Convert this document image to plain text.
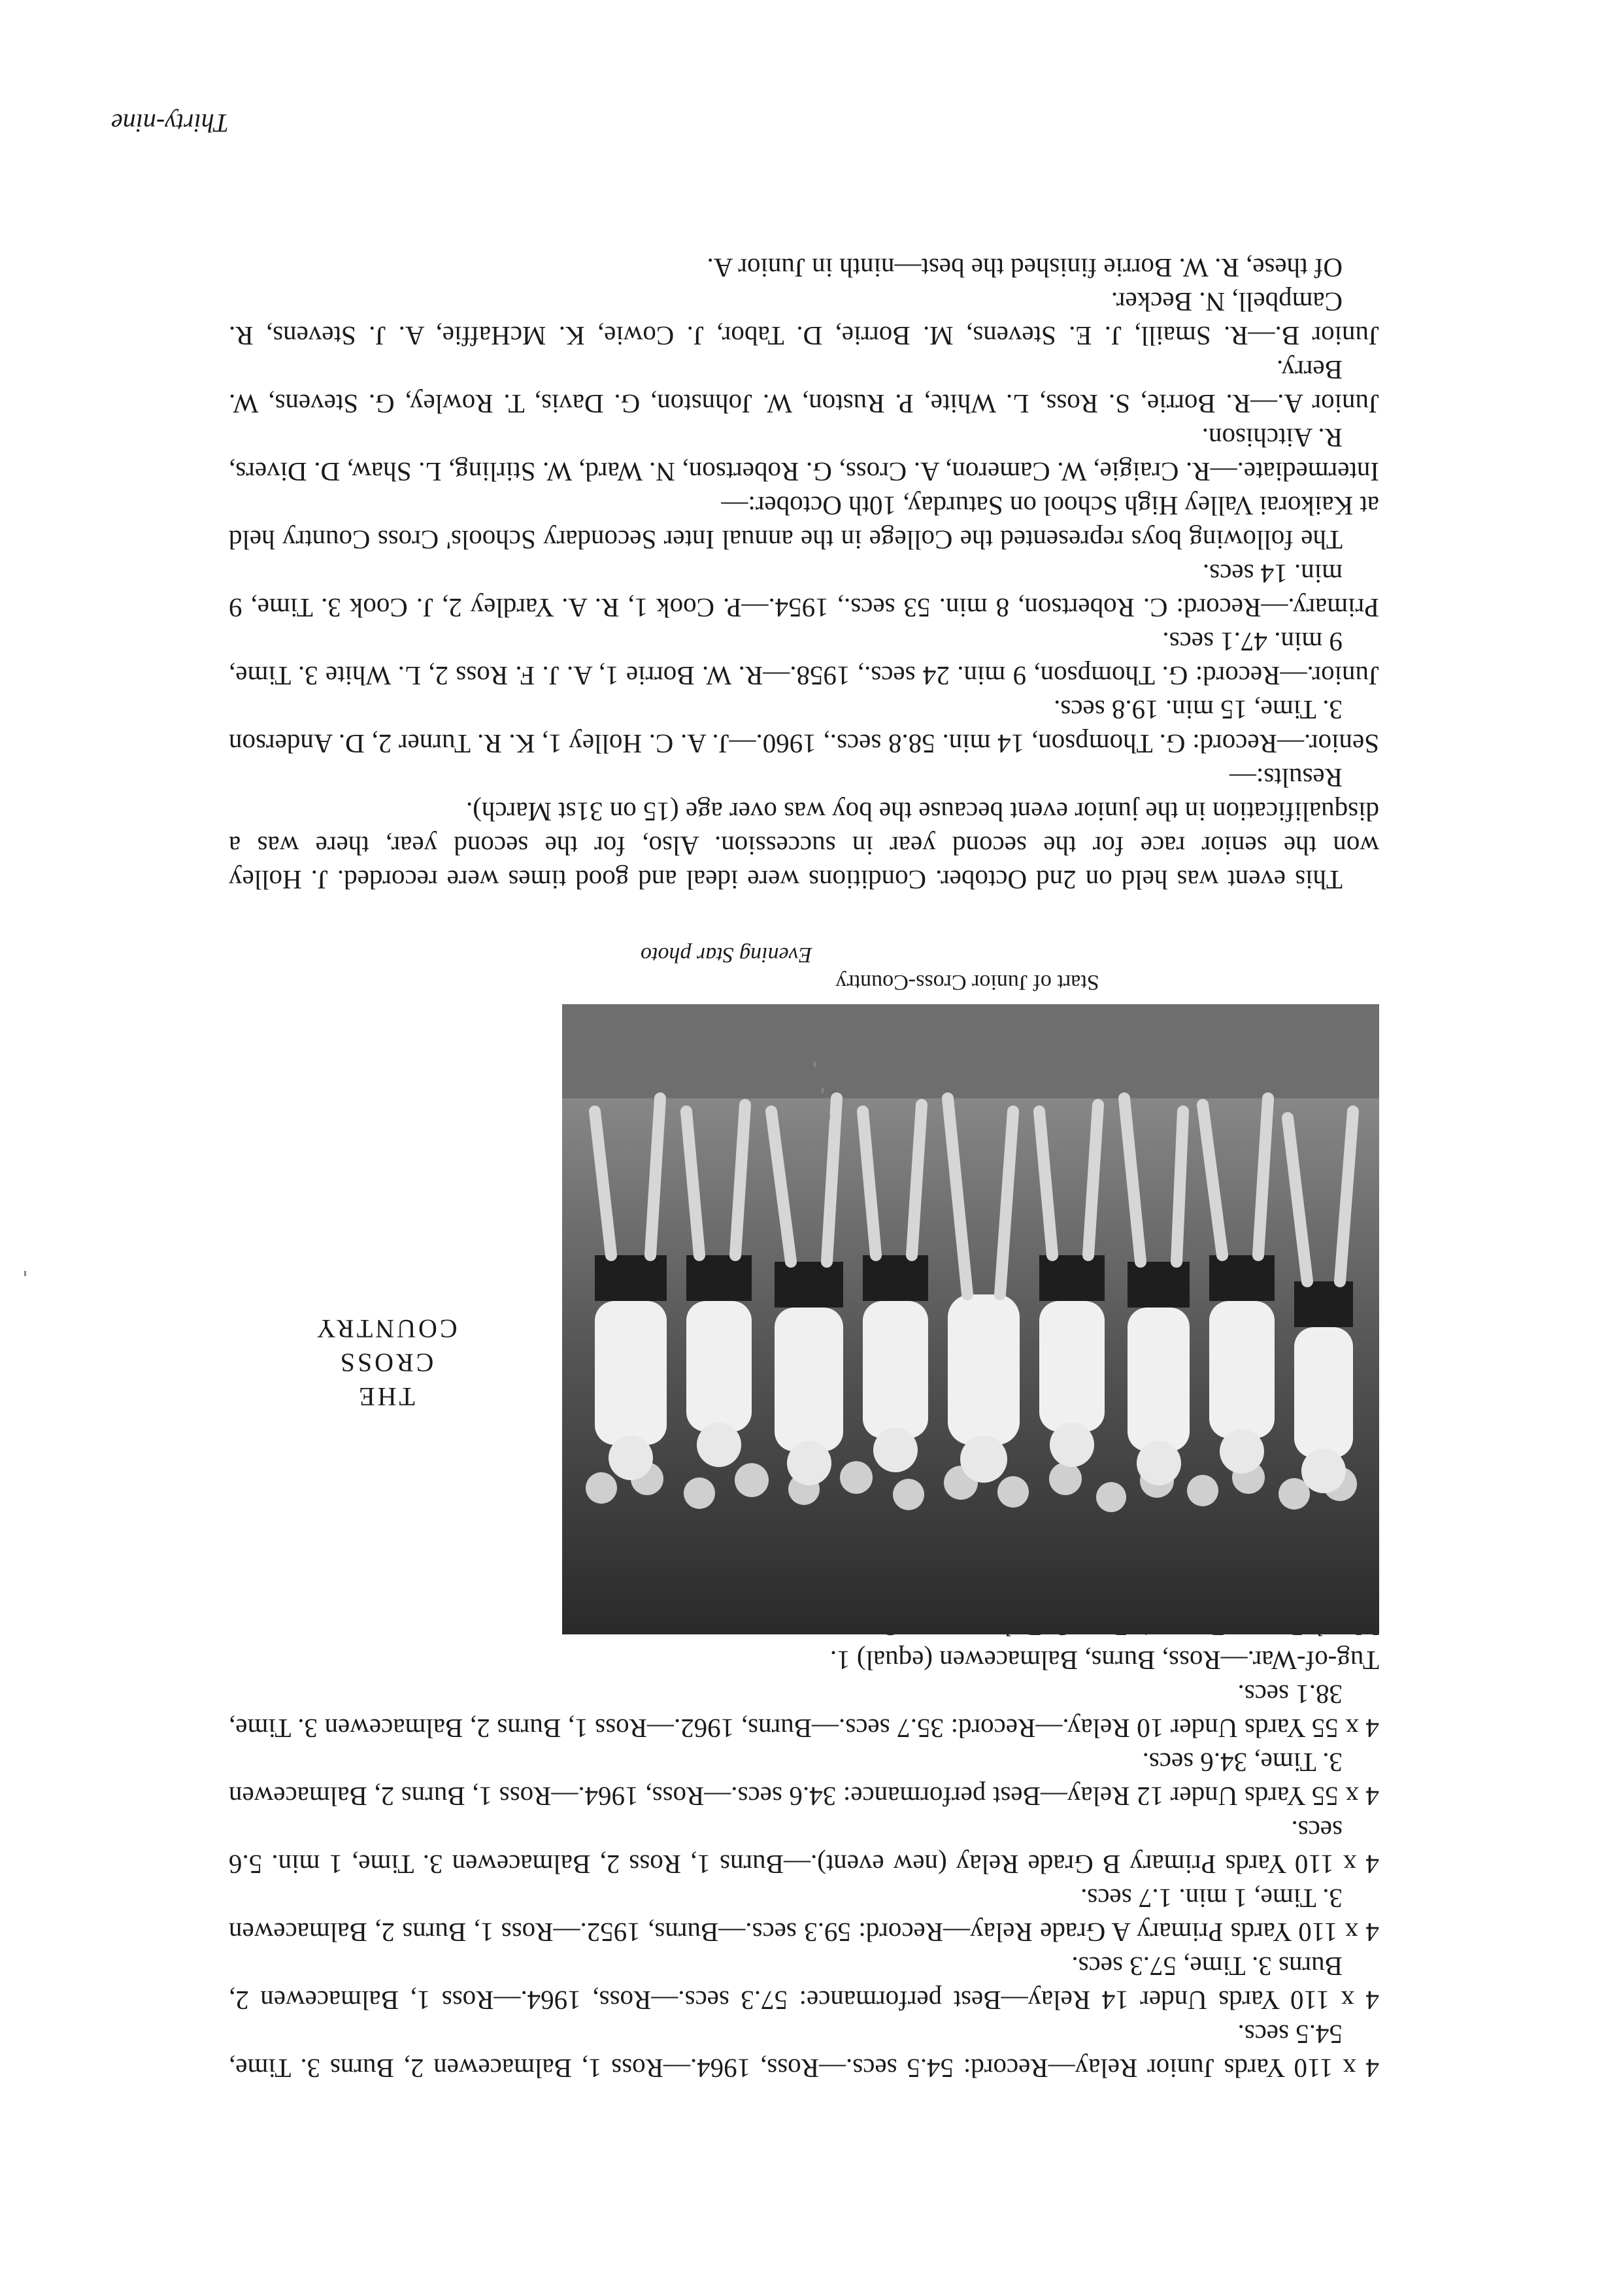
4 x 110 Yards Junior Relay—Record: 54.5 secs.—Ross, 1964.—Ross 1, Balmacewen 2, Burns 3. Time, 54.5 secs.

4 x 110 Yards Under 14 Relay—Best performance: 57.3 secs.—Ross, 1964.—Ross 1, Balmacewen 2, Burns 3. Time, 57.3 secs.

4 x 110 Yards Primary A Grade Relay—Record: 59.3 secs.—Burns, 1952.—Ross 1, Burns 2, Balmacewen 3. Time, 1 min. 1.7 secs.

4 x 110 Yards Primary B Grade Relay (new event).—Burns 1, Ross 2, Balmacewen 3. Time, 1 min. 5.6 secs.

4 x 55 Yards Under 12 Relay—Best performance: 34.6 secs.—Ross, 1964.—Ross 1, Burns 2, Balmacewen 3. Time, 34.6 secs.

4 x 55 Yards Under 10 Relay.—Record: 35.7 secs.—Burns, 1962.—Ross 1, Burns 2, Balmacewen 3. Time, 38.1 secs.

Tug-of-War.—Ross, Burns, Balmacewen (equal) 1.

THE
CROSS
COUNTRY
Start of Junior Cross-Country
Evening Star photo

This event was held on 2nd October. Conditions were ideal and good times were recorded. J. Holley won the senior race for the second year in succession. Also, for the second year, there was a disqualification in the junior event because the boy was over age (15 on 31st March).

Results:—

Senior.—Record: G. Thompson, 14 min. 58.8 secs., 1960.—J. A. C. Holley 1, K. R. Turner 2, D. Anderson 3. Time, 15 min. 19.8 secs.

Junior.—Record: G. Thompson, 9 min. 24 secs., 1958.—R. W. Borrie 1, A. J. F. Ross 2, L. White 3. Time, 9 min. 47.1 secs.

Primary.—Record: C. Robertson, 8 min. 53 secs., 1954.—P. Cook 1, R. A. Yardley 2, J. Cook 3. Time, 9 min. 14 secs.

The following boys represented the College in the annual Inter Secondary Schools' Cross Country held at Kaikorai Valley High School on Saturday, 10th October:—

Intermediate.—R. Craigie, W. Cameron, A. Cross, G. Robertson, N. Ward, W. Stirling, L. Shaw, D. Divers, R. Aitchison.

Junior A.—R. Borrie, S. Ross, L. White, P. Ruston, W. Johnston, G. Davis, T. Rowley, G. Stevens, W. Berry.

Junior B.—R. Smaill, J. E. Stevens, M. Borrie, D. Tabor, J. Cowie, K. McHaffie, A. J. Stevens, R. Campbell, N. Becker.

Of these, R. W. Borrie finished the best—ninth in Junior A.

Thirty-nine
